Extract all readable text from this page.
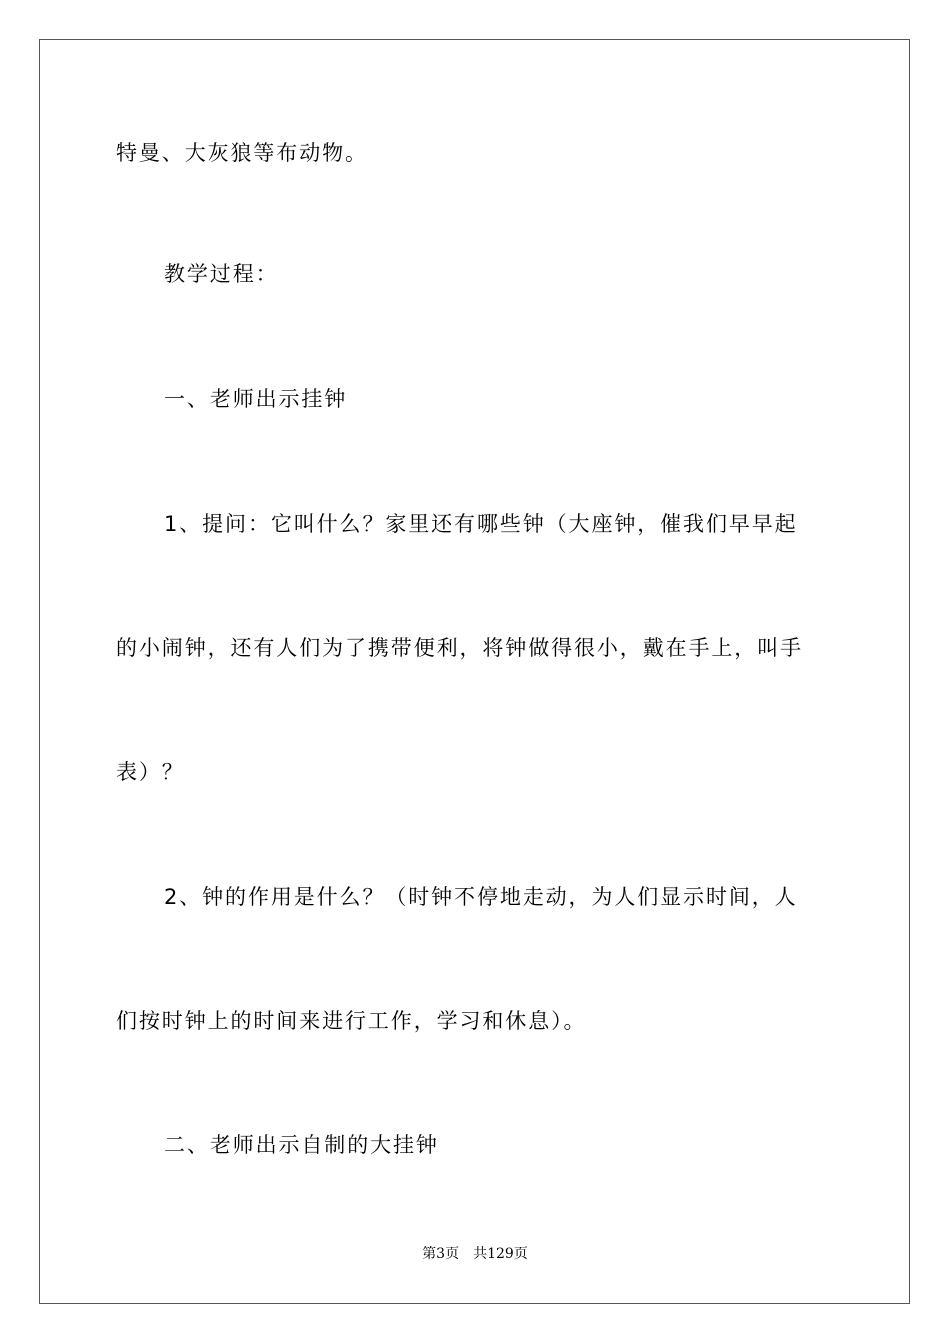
特曼、大灰狼等布动物。

教学过程：

一、老师出示挂钟

1、提问：它叫什么？家里还有哪些钟（大座钟，催我们早早起

的小闹钟，还有人们为了携带便利，将钟做得很小，戴在手上，叫手

表）？

2、钟的作用是什么？（时钟不停地走动，为人们显示时间，人

们按时钟上的时间来进行工作，学习和休息）。

二、老师出示自制的大挂钟

第3页 共129页
